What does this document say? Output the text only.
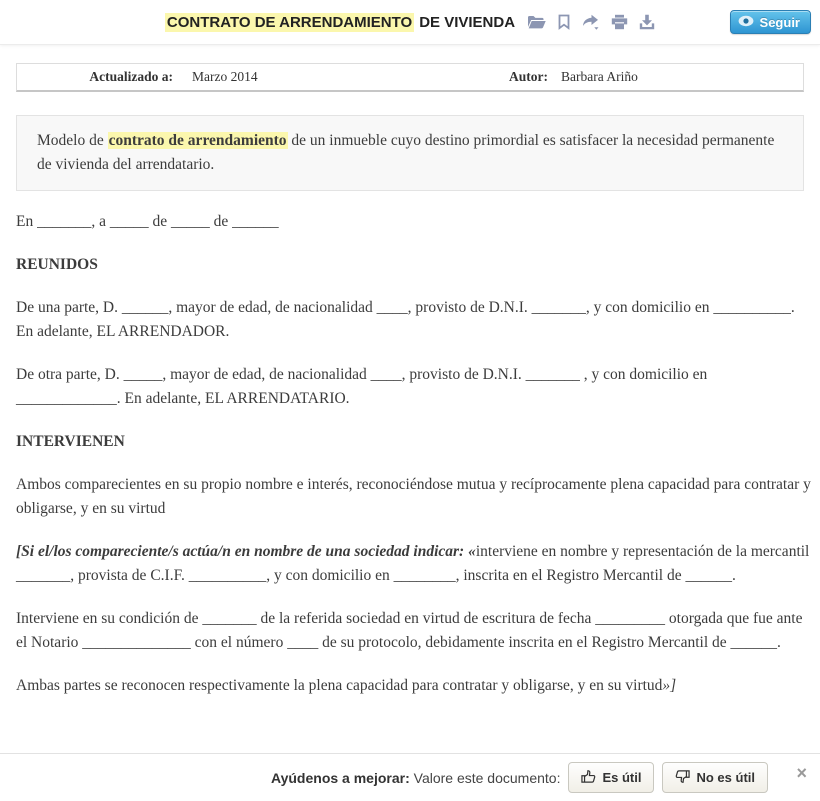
CONTRATO DE ARRENDAMIENTO DE VIVIENDA	Seguir
Actualizado a:	Marzo 2014	Autor: Barbara Ariño
Modelo de contrato de arrendamiento de un inmueble cuyo destino primordial es satisfacer la necesidad permanente de vivienda del arrendatario.

En _______, a _____ de _____ de ______

REUNIDOS

De una parte, D. ______, mayor de edad, de nacionalidad ____, provisto de D.N.I. _______, y con domicilio en __________. En adelante, EL ARRENDADOR.

De otra parte, D. _____, mayor de edad, de nacionalidad ____, provisto de D.N.I. _______ , y con domicilio en _____________. En adelante, EL ARRENDATARIO.

INTERVIENEN

Ambos comparecientes en su propio nombre e interés, reconociéndose mutua y recíprocamente plena capacidad para contratar y obligarse, y en su virtud

[Si el/los compareciente/s actúa/n en nombre de una sociedad indicar: «interviene en nombre y representación de la mercantil _______, provista de C.I.F. __________, y con domicilio en ________, inscrita en el Registro Mercantil de ______.

Interviene en su condición de _______ de la referida sociedad en virtud de escritura de fecha _________ otorgada que fue ante el Notario ______________ con el número ____ de su protocolo, debidamente inscrita en el Registro Mercantil de ______.

Ambas partes se reconocen respectivamente la plena capacidad para contratar y obligarse, y en su virtud»]

Ayúdenos a mejorar: Valore este documento:	Es útil	No es útil ×
